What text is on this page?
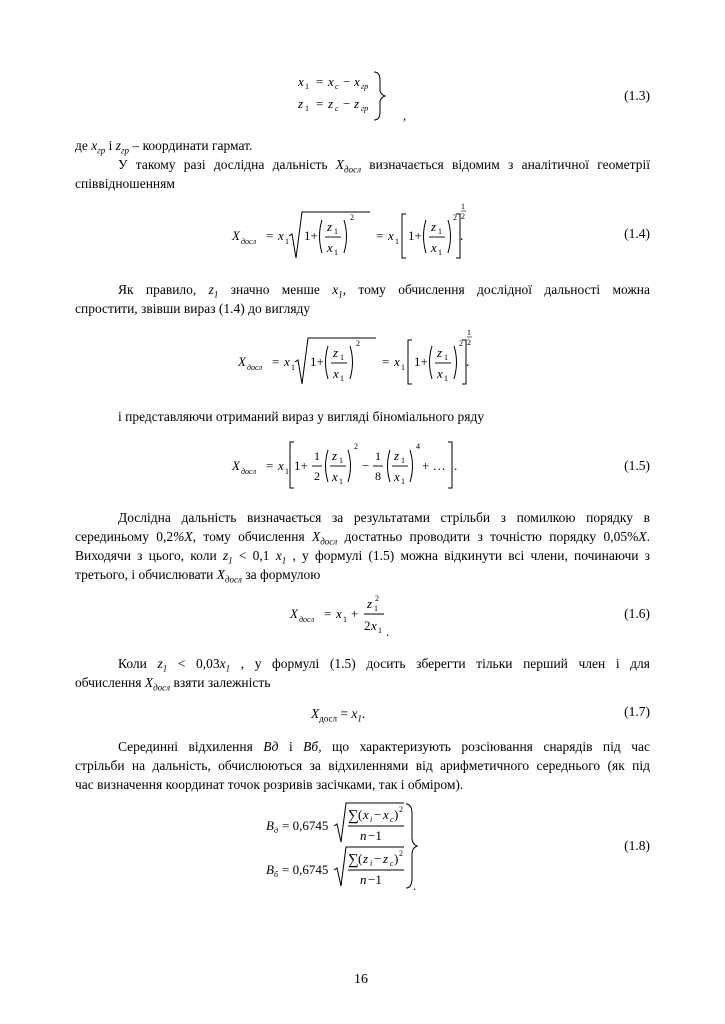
x 1 = x c − x гр
z 1 = z c − z гр	,
(1.3)
де $x_{гр}$ і $z_{гр}$ – координати гармат.
У такому разі дослідна дальність $X_{досл}$ визначається відомим з аналітичної геометрії
співвідношенням
X досл = x 1 1+
z 1
x 1
2
= x 1 1+
z 1
x 1
2
1
2
.	(1.4)
Як правило, $z_1$ значно менше $x_1$, тому обчислення дослідної дальності можна
спростити, звівши вираз (1.4) до вигляду
X досл = x 1 1+
z 1
x 1
2
= x 1 1+
z 1
x 1
2
1
2
.
і представляючи отриманий вираз у вигляді біноміального ряду
X досл = x 1 1+
1
2
z 1
x 1
2
−
1
8
z 1
x 1
4
+ … .	(1.5)
Дослідна дальність визначається за результатами стрільби з помилкою порядку в
серединьому 0,2%X, тому обчислення $X_{досл}$ достатньо проводити з точністю порядку 0,05%X.
Виходячи з цього, коли $z_1 < 0,1$ $x_1$ , у формулі (1.5) можна відкинути всі члени, починаючи з
третього, і обчислювати $X_{досл}$ за формулою
X досл = x 1 +
z 1
2
2 x 1 .
(1.6)
Коли $z_1 < 0,03x_1$ , у формулі (1.5) досить зберегти тільки перший член і для
обчислення $X_{досл}$ взяти залежність
$X_{досл} = x_1$.	(1.7)
Серединні відхилення Вд і Вб, що характеризують розсіювання снарядів під час
стрільби на дальність, обчислюються за відхиленнями від арифметичного середнього (як під
час визначення координат точок розривів засічками, так і обміром).
B д = 0,6745
∑ ( x i − x c ) 2
n −1
B б = 0,6745
∑ ( z i − z c ) 2
n −1 .
(1.8)
16
